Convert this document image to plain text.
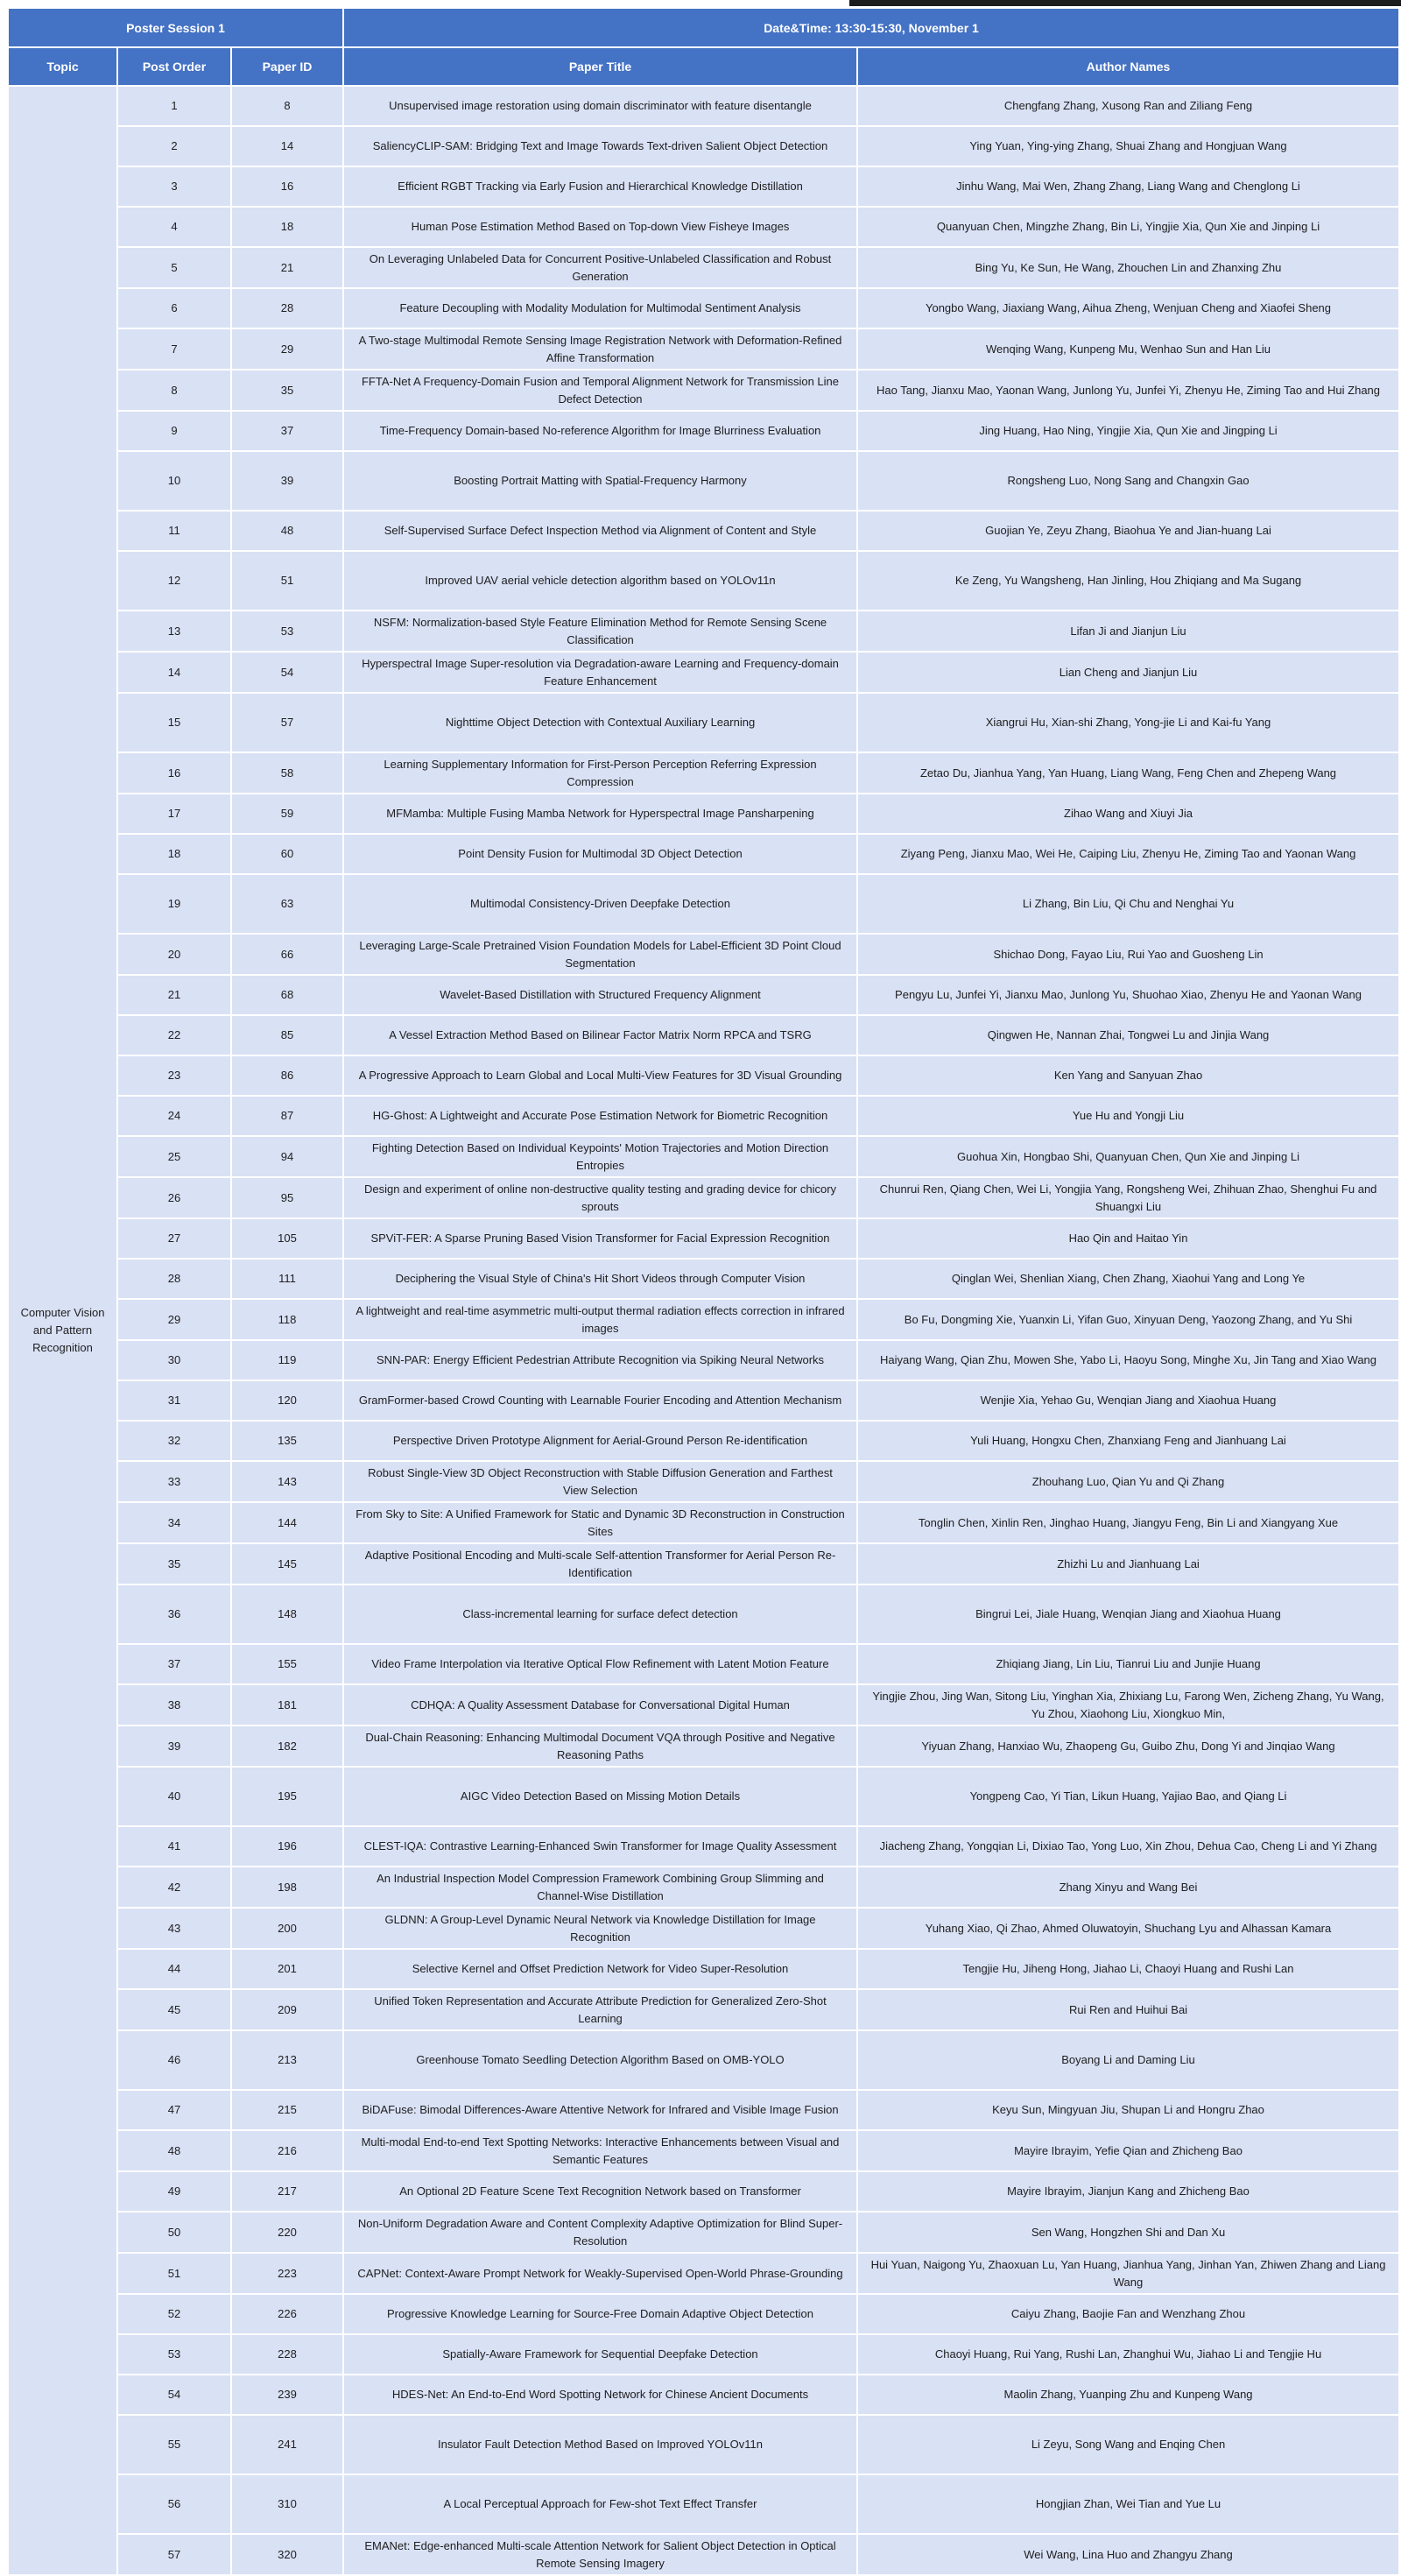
Poster Session 1			Date&Time: 13:30-15:30, November 1	
Topic	Post Order	Paper ID	Paper Title	Author Names
Computer Vision and Pattern Recognition	1	8	Unsupervised image restoration using domain discriminator with feature disentangle	Chengfang Zhang, Xusong Ran and Ziliang Feng
	2	14	SaliencyCLIP-SAM: Bridging Text and Image Towards Text-driven Salient Object Detection	Ying Yuan, Ying-ying Zhang, Shuai Zhang and Hongjuan Wang
	3	16	Efficient RGBT Tracking via Early Fusion and Hierarchical Knowledge Distillation	Jinhu Wang, Mai Wen, Zhang Zhang, Liang Wang and Chenglong Li
	4	18	Human Pose Estimation Method Based on Top-down View Fisheye Images	Quanyuan Chen, Mingzhe Zhang, Bin Li, Yingjie Xia, Qun Xie and Jinping Li
	5	21	On Leveraging Unlabeled Data for Concurrent Positive-Unlabeled Classification and Robust Generation	Bing Yu, Ke Sun, He Wang, Zhouchen Lin and Zhanxing Zhu
	6	28	Feature Decoupling with Modality Modulation for Multimodal Sentiment Analysis	Yongbo Wang, Jiaxiang Wang, Aihua Zheng, Wenjuan Cheng and Xiaofei Sheng
	7	29	A Two-stage Multimodal Remote Sensing Image Registration Network with Deformation-Refined Affine Transformation	Wenqing Wang, Kunpeng Mu, Wenhao Sun and Han Liu
	8	35	FFTA-Net A Frequency-Domain Fusion and Temporal Alignment Network for Transmission Line Defect Detection	Hao Tang, Jianxu Mao, Yaonan Wang, Junlong Yu, Junfei Yi, Zhenyu He, Ziming Tao and Hui Zhang
	9	37	Time-Frequency Domain-based No-reference Algorithm for Image Blurriness Evaluation	Jing Huang, Hao Ning, Yingjie Xia, Qun Xie and Jingping Li
	10	39	Boosting Portrait Matting with Spatial-Frequency Harmony	Rongsheng Luo, Nong Sang and Changxin Gao
	11	48	Self-Supervised Surface Defect Inspection Method via Alignment of Content and Style	Guojian Ye, Zeyu Zhang, Biaohua Ye and Jian-huang Lai
	12	51	Improved UAV aerial vehicle detection algorithm based on YOLOv11n	Ke Zeng, Yu Wangsheng, Han Jinling, Hou Zhiqiang and Ma Sugang
	13	53	NSFM: Normalization-based Style Feature Elimination Method for Remote Sensing Scene Classification	Lifan Ji and Jianjun Liu
	14	54	Hyperspectral Image Super-resolution via Degradation-aware Learning and Frequency-domain Feature Enhancement	Lian Cheng and Jianjun Liu
	15	57	Nighttime Object Detection with Contextual Auxiliary Learning	Xiangrui Hu, Xian-shi Zhang, Yong-jie Li and Kai-fu Yang
	16	58	Learning Supplementary Information for First-Person Perception Referring Expression Compression	Zetao Du, Jianhua Yang, Yan Huang, Liang Wang, Feng Chen and Zhepeng Wang
	17	59	MFMamba: Multiple Fusing Mamba Network for Hyperspectral Image Pansharpening	Zihao Wang and Xiuyi Jia
	18	60	Point Density Fusion for Multimodal 3D Object Detection	Ziyang Peng, Jianxu Mao, Wei He, Caiping Liu, Zhenyu He, Ziming Tao and Yaonan Wang
	19	63	Multimodal Consistency-Driven Deepfake Detection	Li Zhang, Bin Liu, Qi Chu and Nenghai Yu
	20	66	Leveraging Large-Scale Pretrained Vision Foundation Models for Label-Efficient 3D Point Cloud Segmentation	Shichao Dong, Fayao Liu, Rui Yao and Guosheng Lin
	21	68	Wavelet-Based Distillation with Structured Frequency Alignment	Pengyu Lu, Junfei Yi, Jianxu Mao, Junlong Yu, Shuohao Xiao, Zhenyu He and Yaonan Wang
	22	85	A Vessel Extraction Method Based on Bilinear Factor Matrix Norm RPCA and TSRG	Qingwen He, Nannan Zhai, Tongwei Lu and Jinjia Wang
	23	86	A Progressive Approach to Learn Global and Local Multi-View Features for 3D Visual Grounding	Ken Yang and Sanyuan Zhao
	24	87	HG-Ghost: A Lightweight and Accurate Pose Estimation Network for Biometric Recognition	Yue Hu and Yongji Liu
	25	94	Fighting Detection Based on Individual Keypoints' Motion Trajectories and Motion Direction Entropies	Guohua Xin, Hongbao Shi, Quanyuan Chen, Qun Xie and Jinping Li
	26	95	Design and experiment of online non-destructive quality testing and grading device for chicory sprouts	Chunrui Ren, Qiang Chen, Wei Li, Yongjia Yang, Rongsheng Wei, Zhihuan Zhao, Shenghui Fu and Shuangxi Liu
	27	105	SPViT-FER: A Sparse Pruning Based Vision Transformer for Facial Expression Recognition	Hao Qin and Haitao Yin
	28	111	Deciphering the Visual Style of China's Hit Short Videos through Computer Vision	Qinglan Wei, Shenlian Xiang, Chen Zhang, Xiaohui Yang and Long Ye
	29	118	A lightweight and real-time asymmetric multi-output thermal radiation effects correction in infrared images	Bo Fu, Dongming Xie, Yuanxin Li, Yifan Guo, Xinyuan Deng, Yaozong Zhang, and Yu Shi
	30	119	SNN-PAR: Energy Efficient Pedestrian Attribute Recognition via Spiking Neural Networks	Haiyang Wang, Qian Zhu, Mowen She, Yabo Li, Haoyu Song, Minghe Xu, Jin Tang and Xiao Wang
	31	120	GramFormer-based Crowd Counting with Learnable Fourier Encoding and Attention Mechanism	Wenjie Xia, Yehao Gu, Wenqian Jiang and Xiaohua Huang
	32	135	Perspective Driven Prototype Alignment for Aerial-Ground Person Re-identification	Yuli Huang, Hongxu Chen, Zhanxiang Feng and Jianhuang Lai
	33	143	Robust Single-View 3D Object Reconstruction with Stable Diffusion Generation and Farthest View Selection	Zhouhang Luo, Qian Yu and Qi Zhang
	34	144	From Sky to Site: A Unified Framework for Static and Dynamic 3D Reconstruction in Construction Sites	Tonglin Chen, Xinlin Ren, Jinghao Huang, Jiangyu Feng, Bin Li and Xiangyang Xue
	35	145	Adaptive Positional Encoding and Multi-scale Self-attention Transformer for Aerial Person Re-Identification	Zhizhi Lu and Jianhuang Lai
	36	148	Class-incremental learning for surface defect detection	Bingrui Lei, Jiale Huang, Wenqian Jiang and Xiaohua Huang
	37	155	Video Frame Interpolation via Iterative Optical Flow Refinement with Latent Motion Feature	Zhiqiang Jiang, Lin Liu, Tianrui Liu and Junjie Huang
	38	181	CDHQA: A Quality Assessment Database for Conversational Digital Human	Yingjie Zhou, Jing Wan, Sitong Liu, Yinghan Xia, Zhixiang Lu, Farong Wen, Zicheng Zhang, Yu Wang, Yu Zhou, Xiaohong Liu, Xiongkuo Min,
	39	182	Dual-Chain Reasoning: Enhancing Multimodal Document VQA through Positive and Negative Reasoning Paths	Yiyuan Zhang, Hanxiao Wu, Zhaopeng Gu, Guibo Zhu, Dong Yi and Jinqiao Wang
	40	195	AIGC Video Detection Based on Missing Motion Details	Yongpeng Cao, Yi Tian, Likun Huang, Yajiao Bao, and Qiang Li
	41	196	CLEST-IQA: Contrastive Learning-Enhanced Swin Transformer for Image Quality Assessment	Jiacheng Zhang, Yongqian Li, Dixiao Tao, Yong Luo, Xin Zhou, Dehua Cao, Cheng Li and Yi Zhang
	42	198	An Industrial Inspection Model Compression Framework Combining Group Slimming and Channel-Wise Distillation	Zhang Xinyu and Wang Bei
	43	200	GLDNN: A Group-Level Dynamic Neural Network via Knowledge Distillation for Image Recognition	Yuhang Xiao, Qi Zhao, Ahmed Oluwatoyin, Shuchang Lyu and Alhassan Kamara
	44	201	Selective Kernel and Offset Prediction Network for Video Super-Resolution	Tengjie Hu, Jiheng Hong, Jiahao Li, Chaoyi Huang and Rushi Lan
	45	209	Unified Token Representation and Accurate Attribute Prediction for Generalized Zero-Shot Learning	Rui Ren and Huihui Bai
	46	213	Greenhouse Tomato Seedling Detection Algorithm Based on OMB-YOLO	Boyang Li and Daming Liu
	47	215	BiDAFuse: Bimodal Differences-Aware Attentive Network for Infrared and Visible Image Fusion	Keyu Sun, Mingyuan Jiu, Shupan Li and Hongru Zhao
	48	216	Multi-modal End-to-end Text Spotting Networks: Interactive Enhancements between Visual and Semantic Features	Mayire Ibrayim, Yefie Qian and Zhicheng Bao
	49	217	An Optional 2D Feature Scene Text Recognition Network based on Transformer	Mayire Ibrayim, Jianjun Kang and Zhicheng Bao
	50	220	Non-Uniform Degradation Aware and Content Complexity Adaptive Optimization for Blind Super-Resolution	Sen Wang, Hongzhen Shi and Dan Xu
	51	223	CAPNet: Context-Aware Prompt Network for Weakly-Supervised Open-World Phrase-Grounding	Hui Yuan, Naigong Yu, Zhaoxuan Lu, Yan Huang, Jianhua Yang, Jinhan Yan, Zhiwen Zhang and Liang Wang
	52	226	Progressive Knowledge Learning for Source-Free Domain Adaptive Object Detection	Caiyu Zhang, Baojie Fan and Wenzhang Zhou
	53	228	Spatially-Aware Framework for Sequential Deepfake Detection	Chaoyi Huang, Rui Yang, Rushi Lan, Zhanghui Wu, Jiahao Li and Tengjie Hu
	54	239	HDES-Net: An End-to-End Word Spotting Network for Chinese Ancient Documents	Maolin Zhang, Yuanping Zhu and Kunpeng Wang
	55	241	Insulator Fault Detection Method Based on Improved YOLOv11n	Li Zeyu, Song Wang and Enqing Chen
	56	310	A Local Perceptual Approach for Few-shot Text Effect Transfer	Hongjian Zhan, Wei Tian and Yue Lu
	57	320	EMANet: Edge-enhanced Multi-scale Attention Network for Salient Object Detection in Optical Remote Sensing Imagery	Wei Wang, Lina Huo and Zhangyu Zhang
